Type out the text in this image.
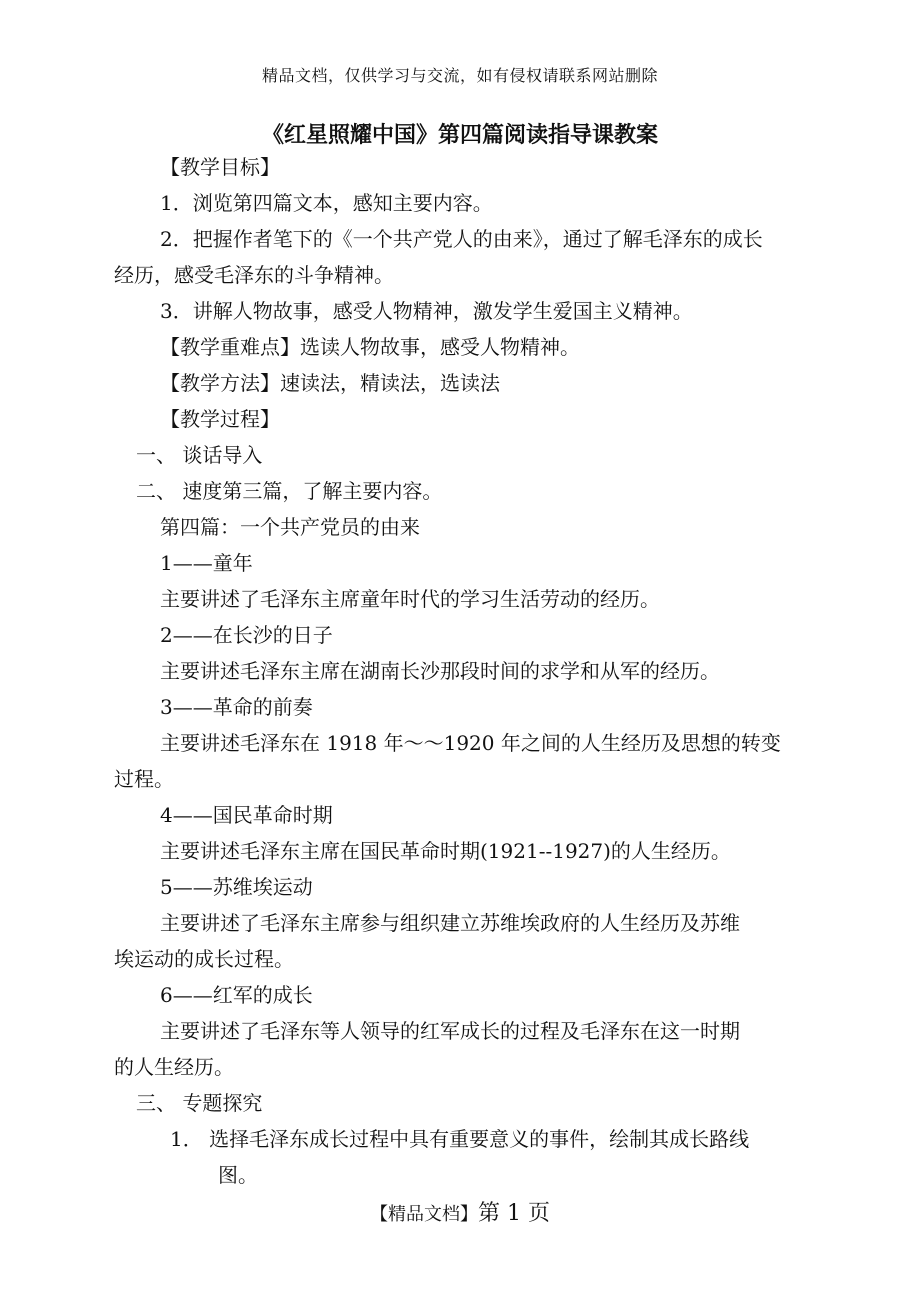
精品文档，仅供学习与交流，如有侵权请联系网站删除
《红星照耀中国》第四篇阅读指导课教案
【教学目标】
1．浏览第四篇文本，感知主要内容。
2．把握作者笔下的《一个共产党人的由来》，通过了解毛泽东的成长
经历，感受毛泽东的斗争精神。
3．讲解人物故事，感受人物精神，激发学生爱国主义精神。
【教学重难点】选读人物故事，感受人物精神。
【教学方法】速读法，精读法，选读法
【教学过程】
一、 谈话导入
二、 速度第三篇，了解主要内容。
第四篇：一个共产党员的由来
1——童年
主要讲述了毛泽东主席童年时代的学习生活劳动的经历。
2——在长沙的日子
主要讲述毛泽东主席在湖南长沙那段时间的求学和从军的经历。
3——革命的前奏
主要讲述毛泽东在 1918 年～～1920 年之间的人生经历及思想的转变
过程。
4——国民革命时期
主要讲述毛泽东主席在国民革命时期(1921--1927)的人生经历。
5——苏维埃运动
主要讲述了毛泽东主席参与组织建立苏维埃政府的人生经历及苏维
埃运动的成长过程。
6——红军的成长
主要讲述了毛泽东等人领导的红军成长的过程及毛泽东在这一时期
的人生经历。
三、 专题探究
1． 选择毛泽东成长过程中具有重要意义的事件，绘制其成长路线
图。
【精品文档】第 1 页
